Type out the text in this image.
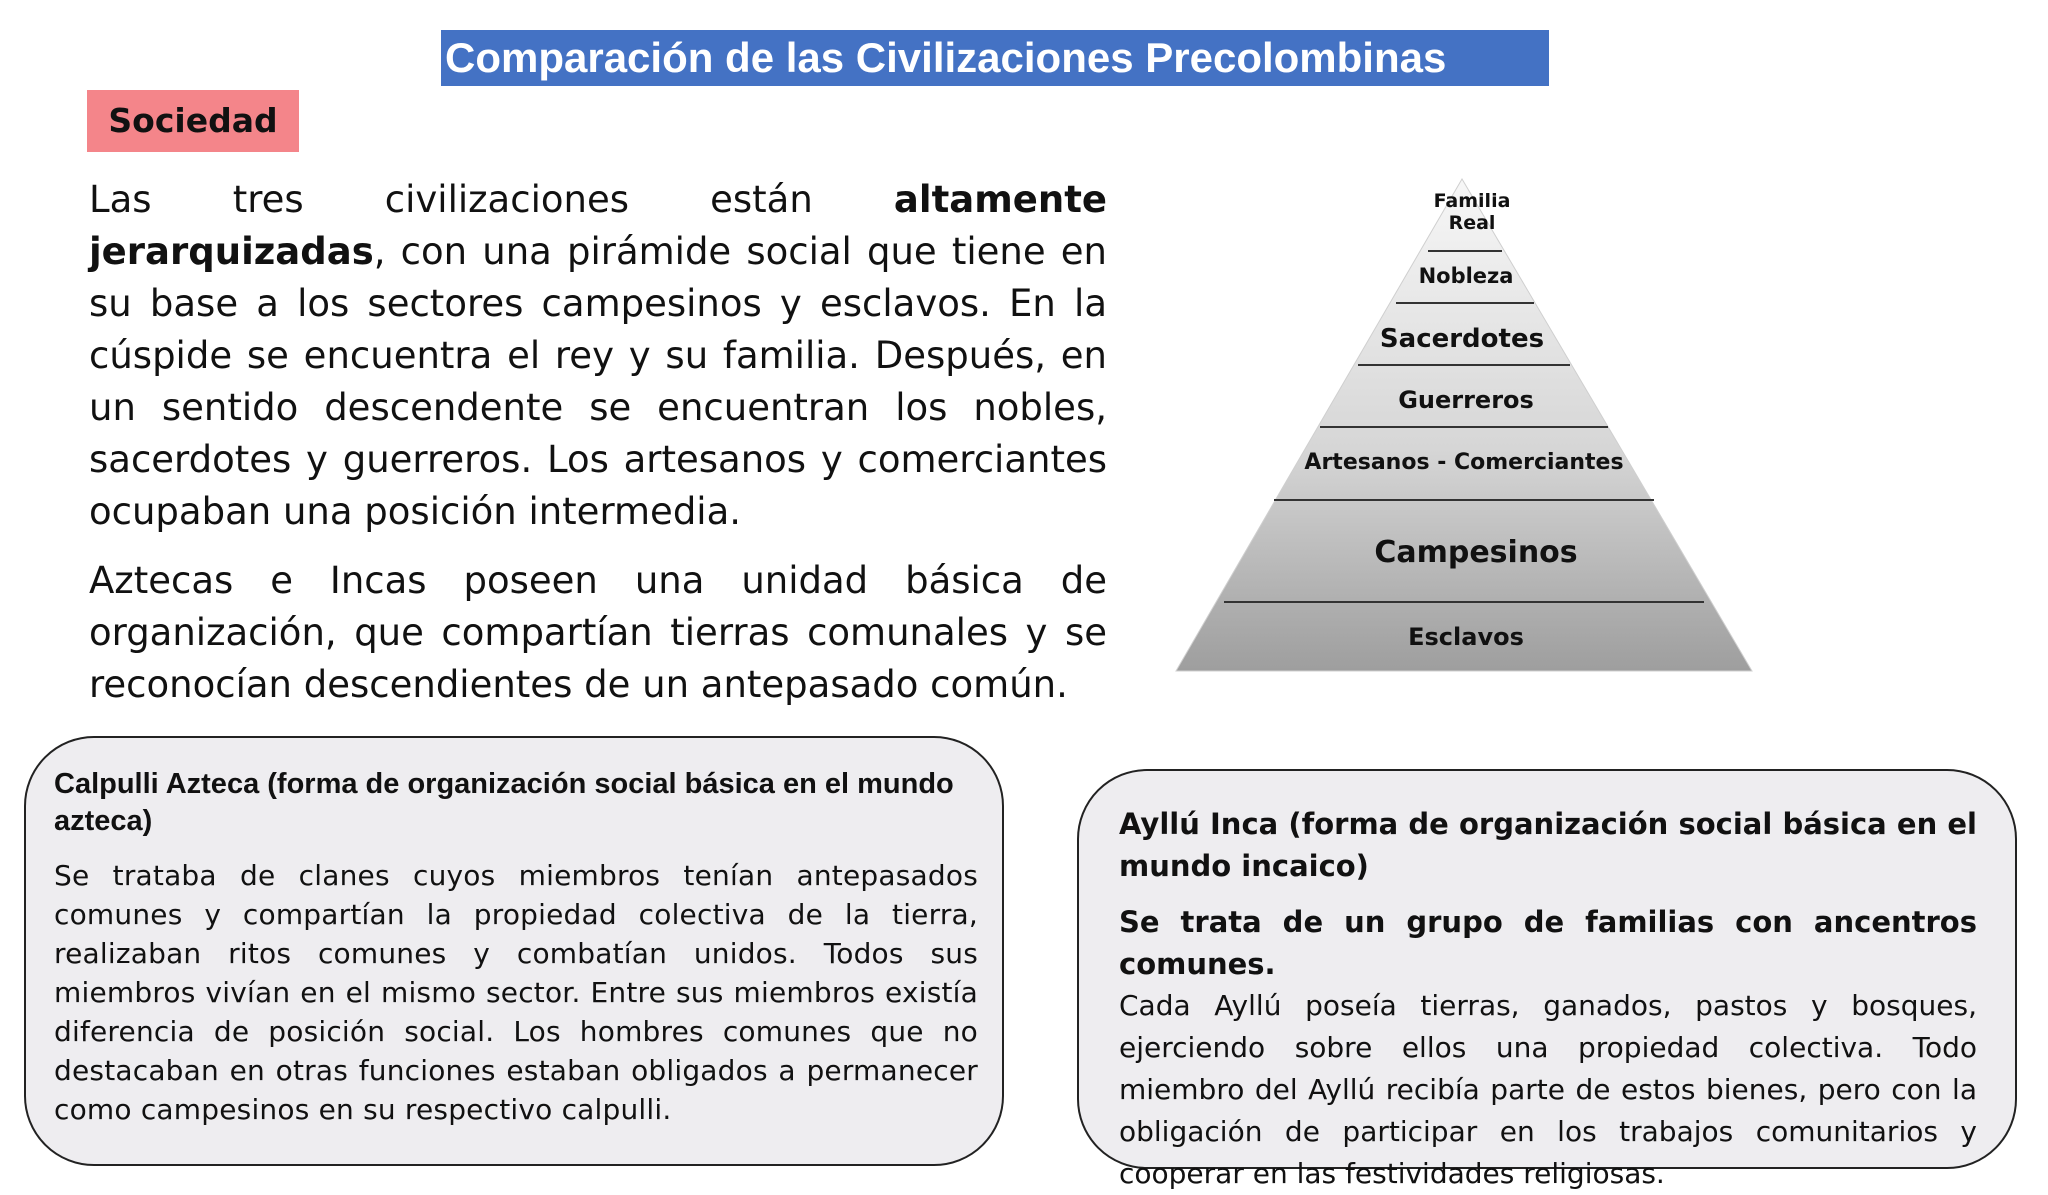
Comparación de las Civilizaciones Precolombinas
Sociedad

Las tres civilizaciones están altamente jerarquizadas, con una pirámide social que tiene en su base a los sectores campesinos y esclavos. En la cúspide se encuentra el rey y su familia. Después, en un sentido descendente se encuentran los nobles, sacerdotes y guerreros. Los artesanos y comerciantes ocupaban una posición intermedia.

Aztecas e Incas poseen una unidad básica de organización, que compartían tierras comunales y se reconocían descendientes de un antepasado común.

Familia
Real
Nobleza
Sacerdotes
Guerreros
Artesanos - Comerciantes
Campesinos
Esclavos

Calpulli Azteca (forma de organización social básica en el mundo azteca)

Se trataba de clanes cuyos miembros tenían antepasados comunes y compartían la propiedad colectiva de la tierra, realizaban ritos comunes y combatían unidos. Todos sus miembros vivían en el mismo sector. Entre sus miembros existía diferencia de posición social. Los hombres comunes que no destacaban en otras funciones estaban obligados a permanecer como campesinos en su respectivo calpulli.

Ayllú Inca (forma de organización social básica en el mundo incaico)

Se trata de un grupo de familias con ancentros comunes.

Cada Ayllú poseía tierras, ganados, pastos y bosques, ejerciendo sobre ellos una propiedad colectiva. Todo miembro del Ayllú recibía parte de estos bienes, pero con la obligación de participar en los trabajos comunitarios y cooperar en las festividades religiosas.
